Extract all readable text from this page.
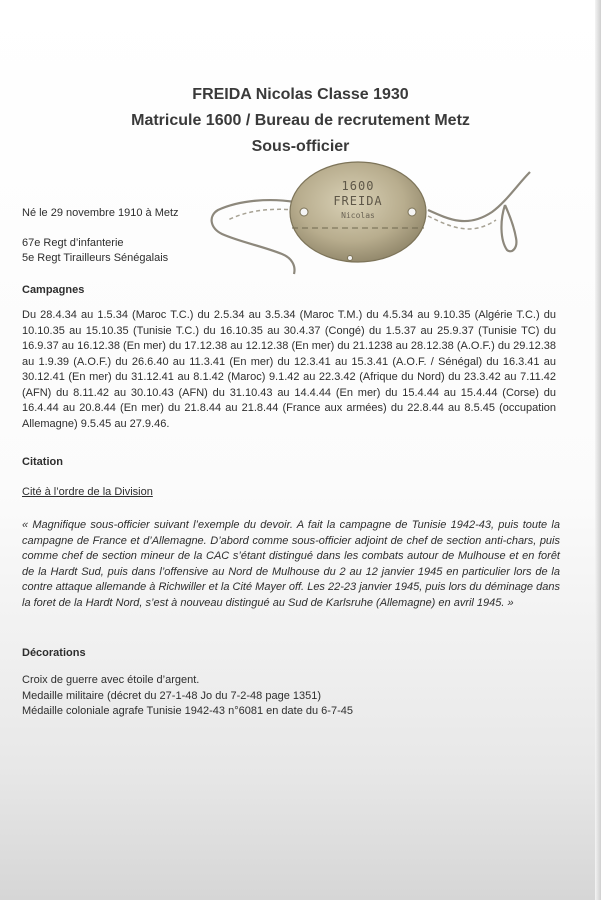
FREIDA Nicolas Classe 1930
Matricule 1600 / Bureau de recrutement Metz
Sous-officier
1600
FREIDA
Nicolas

Né le 29 novembre 1910 à Metz

67e Regt d’infanterie

5e Regt Tirailleurs Sénégalais

Campagnes

Du 28.4.34 au 1.5.34 (Maroc T.C.) du 2.5.34 au 3.5.34 (Maroc T.M.) du 4.5.34 au 9.10.35 (Algérie T.C.) du 10.10.35 au 15.10.35 (Tunisie T.C.) du 16.10.35 au 30.4.37 (Congé) du 1.5.37 au 25.9.37 (Tunisie TC) du 16.9.37 au 16.12.38 (En mer) du 17.12.38 au 12.12.38 (En mer) du 21.1238 au 28.12.38 (A.O.F.) du 29.12.38 au 1.9.39 (A.O.F.) du 26.6.40 au 11.3.41 (En mer) du 12.3.41 au 15.3.41 (A.O.F. / Sénégal) du 16.3.41 au 30.12.41 (En mer) du 31.12.41 au 8.1.42 (Maroc) 9.1.42 au 22.3.42 (Afrique du Nord) du 23.3.42 au 7.11.42 (AFN) du 8.11.42 au 30.10.43 (AFN) du 31.10.43 au 14.4.44 (En mer) du 15.4.44 au 15.4.44 (Corse) du 16.4.44 au 20.8.44 (En mer) du 21.8.44 au 21.8.44 (France aux armées) du 22.8.44 au 8.5.45 (occupation Allemagne) 9.5.45 au 27.9.46.

Citation

Cité à l’ordre de la Division

« Magnifique sous-officier suivant l’exemple du devoir. A fait la campagne de Tunisie 1942-43, puis toute la campagne de France et d’Allemagne. D’abord comme sous-officier adjoint de chef de section anti-chars, puis comme chef de section mineur de la CAC s’étant distingué dans les combats autour de Mulhouse et en forêt de la Hardt Sud, puis dans l’offensive au Nord de Mulhouse du 2 au 12 janvier 1945 en particulier lors de la contre attaque allemande à Richwiller et la Cité Mayer off. Les 22-23 janvier 1945, puis lors du déminage dans la foret de la Hardt Nord, s’est à nouveau distingué au Sud de Karlsruhe (Allemagne) en avril 1945. »

Décorations

Croix de guerre avec étoile d’argent.
Medaille militaire (décret du 27-1-48 Jo du 7-2-48 page 1351)
Médaille coloniale agrafe Tunisie 1942-43 n°6081 en date du 6-7-45
